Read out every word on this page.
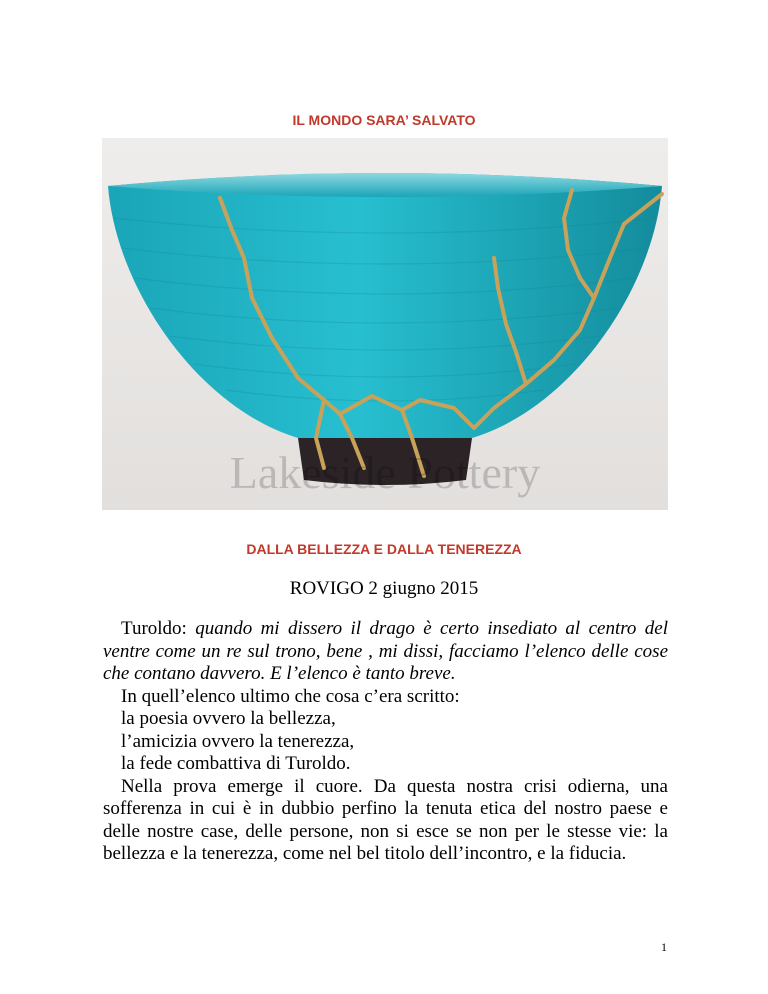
IL MONDO SARA’ SALVATO
Lakeside Pottery
DALLA BELLEZZA E DALLA TENEREZZA
ROVIGO 2 giugno 2015

Turoldo: quando mi dissero il drago è certo insediato al centro del ventre come un re sul trono, bene , mi dissi, facciamo l’elenco delle cose che contano davvero. E l’elenco è tanto breve.

In quell’elenco ultimo che cosa c’era scritto:

la poesia ovvero la bellezza,

l’amicizia ovvero la tenerezza,

la fede combattiva di Turoldo.

Nella prova emerge il cuore. Da questa nostra crisi odierna, una sofferenza in cui è in dubbio perfino la tenuta etica del nostro paese e delle nostre case, delle persone, non si esce se non per le stesse vie: la bellezza e la tenerezza, come nel bel titolo dell’incontro, e la fiducia.

1
